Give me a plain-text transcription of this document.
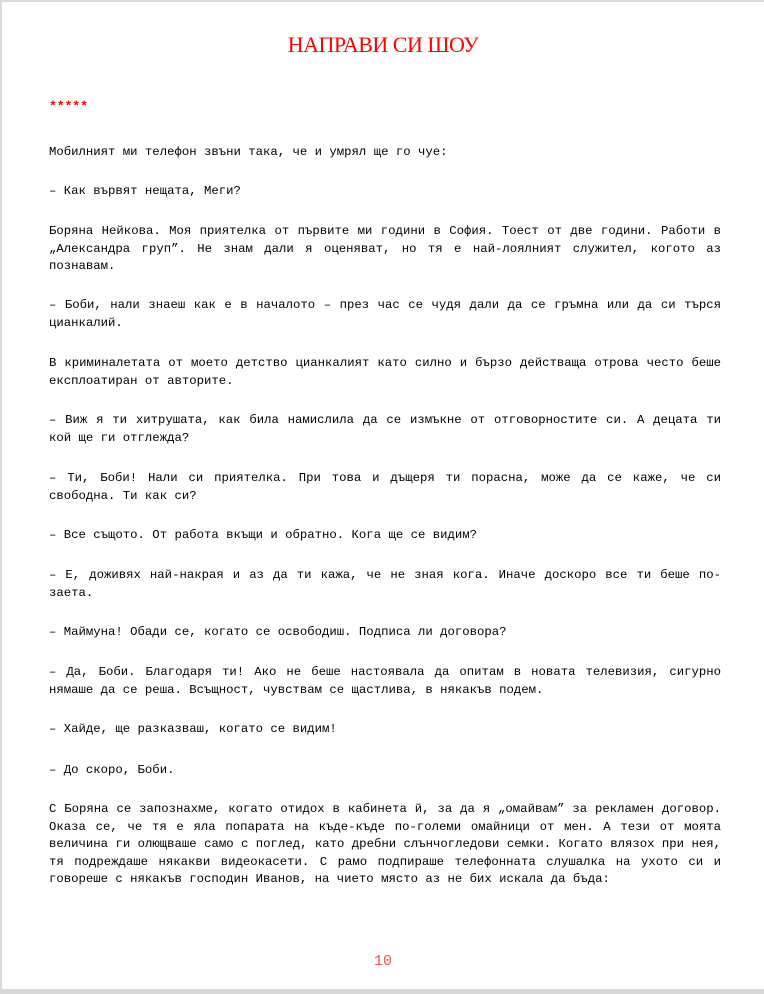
НАПРАВИ СИ ШОУ
*****

Мобилният ми телефон звъни така, че и умрял ще го чуе:

– Как вървят нещата, Меги?

Боряна Нейкова. Моя приятелка от първите ми години в София. Тоест от две години. Работи в „Александра груп”. Не знам дали я оценяват, но тя е най-лоялният служител, когото аз познавам.

– Боби, нали знаеш как е в началото – през час се чудя дали да се гръмна или да си търся цианкалий.

В криминалетата от моето детство цианкалият като силно и бързо действаща отрова често беше експлоатиран от авторите.

– Виж я ти хитрушата, как била намислила да се измъкне от отговорностите си. А децата ти кой ще ги отглежда?

– Ти, Боби! Нали си приятелка. При това и дъщеря ти порасна, може да се каже, че си свободна. Ти как си?

– Все същото. От работа вкъщи и обратно. Кога ще се видим?

– Е, доживях най-накрая и аз да ти кажа, че не зная кога. Иначе доскоро все ти беше по-заета.

– Маймуна! Обади се, когато се освободиш. Подписа ли договора?

– Да, Боби. Благодаря ти! Ако не беше настоявала да опитам в новата телевизия, сигурно нямаше да се реша. Всъщност, чувствам се щастлива, в някакъв подем.

– Хайде, ще разказваш, когато се видим!

– До скоро, Боби.

С Боряна се запознахме, когато отидох в кабинета й, за да я „омайвам” за рекламен договор. Оказа се, че тя е яла попарата на къде-къде по-големи омайници от мен. А тези от моята величина ги олющваше само с поглед, като дребни слънчогледови семки. Когато влязох при нея, тя подреждаше някакви видеокасети. С рамо подпираше телефонната слушалка на ухото си и говореше с някакъв господин Иванов, на чието място аз не бих искала да бъда:

10
